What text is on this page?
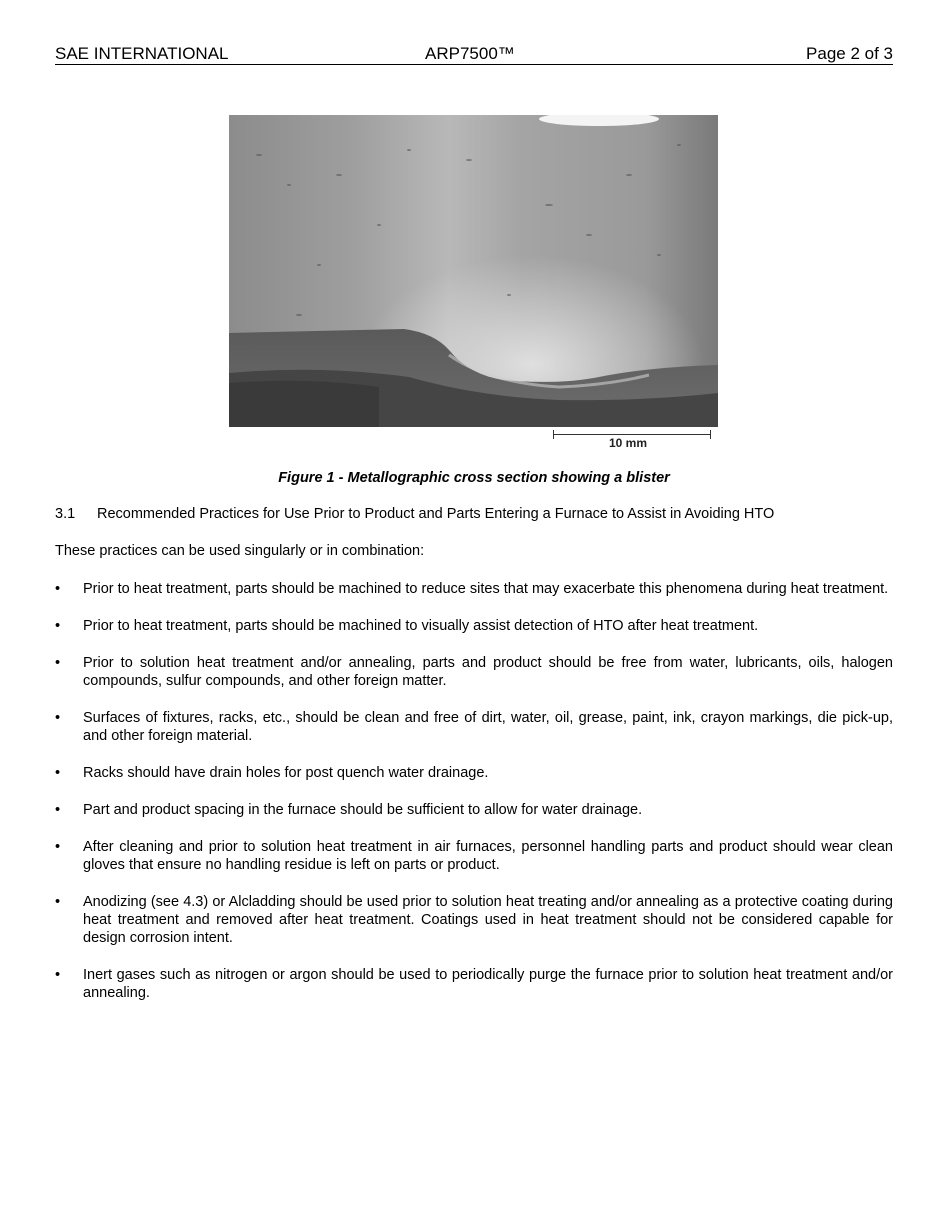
SAE INTERNATIONAL	ARP7500™	Page 2 of 3
10 mm
Figure 1 - Metallographic cross section showing a blister
3.1	Recommended Practices for Use Prior to Product and Parts Entering a Furnace to Assist in Avoiding HTO
These practices can be used singularly or in combination:
• Prior to heat treatment, parts should be machined to reduce sites that may exacerbate this phenomena during heat treatment.
• Prior to heat treatment, parts should be machined to visually assist detection of HTO after heat treatment.
• Prior to solution heat treatment and/or annealing, parts and product should be free from water, lubricants, oils, halogen compounds, sulfur compounds, and other foreign matter.
• Surfaces of fixtures, racks, etc., should be clean and free of dirt, water, oil, grease, paint, ink, crayon markings, die pick-up, and other foreign material.
• Racks should have drain holes for post quench water drainage.
• Part and product spacing in the furnace should be sufficient to allow for water drainage.
• After cleaning and prior to solution heat treatment in air furnaces, personnel handling parts and product should wear clean gloves that ensure no handling residue is left on parts or product.
• Anodizing (see 4.3) or Alcladding should be used prior to solution heat treating and/or annealing as a protective coating during heat treatment and removed after heat treatment. Coatings used in heat treatment should not be considered capable for design corrosion intent.
• Inert gases such as nitrogen or argon should be used to periodically purge the furnace prior to solution heat treatment and/or annealing.
